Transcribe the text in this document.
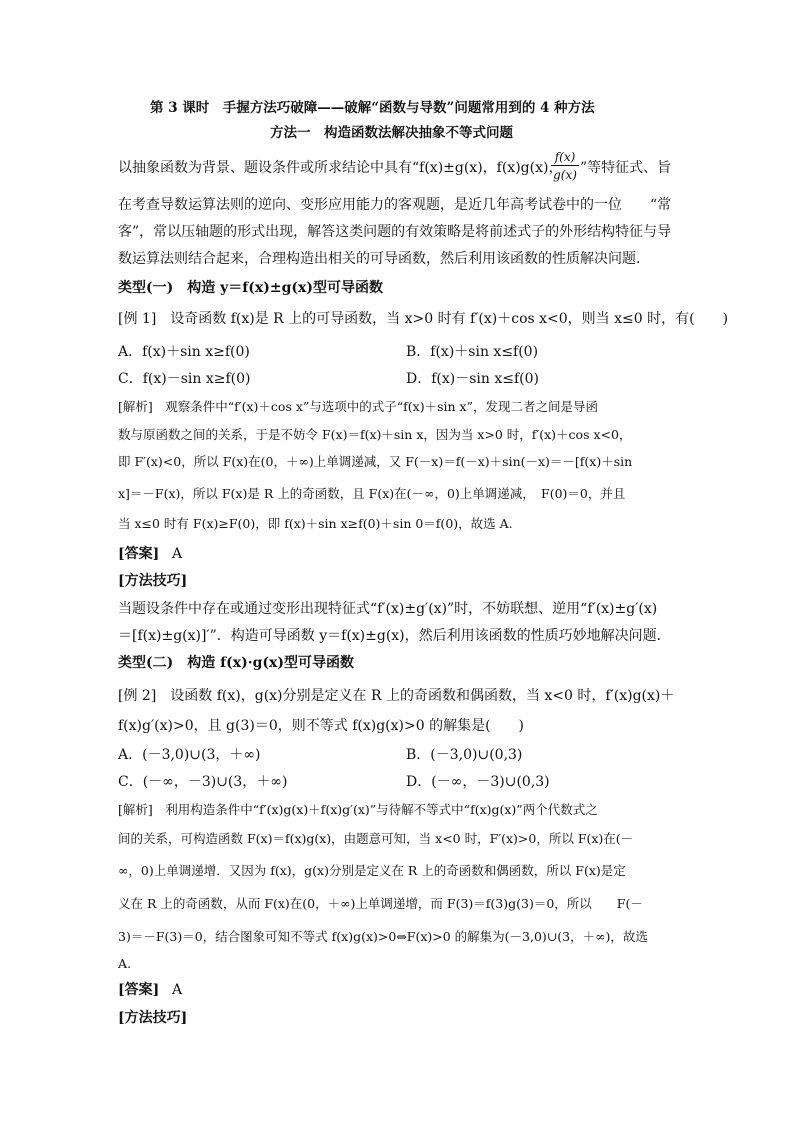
第 3 课时　手握方法巧破障——破解“函数与导数”问题常用到的 4 种方法
方法一　构造函数法解决抽象不等式问题
以抽象函数为背景、题设条件或所求结论中具有“f(x)±g(x)，f(x)g(x)，
$\frac{f(x)}{g(x)}$ ”等特征式、旨
在考查导数运算法则的逆向、变形应用能力的客观题，是近几年高考试卷中的一位　　“常
客”，常以压轴题的形式出现，解答这类问题的有效策略是将前述式子的外形结构特征与导
数运算法则结合起来，合理构造出相关的可导函数，然后利用该函数的性质解决问题．
类型(一)　构造 y＝f(x)±g(x)型可导函数
[例 1]　设奇函数 f(x)是 R 上的可导函数，当 x>0 时有 f′(x)＋cos x<0，则当 x≤0 时，有(　　)
A．f(x)＋sin x≥f(0)	B．f(x)＋sin x≤f(0)
C．f(x)－sin x≥f(0)	D．f(x)－sin x≤f(0)
[解析]　观察条件中“f′(x)＋cos x”与选项中的式子“f(x)＋sin x”，发现二者之间是导函
数与原函数之间的关系，于是不妨令 F(x)＝f(x)＋sin x，因为当 x>0 时，f′(x)＋cos x<0，
即 F′(x)<0，所以 F(x)在(0，＋∞)上单调递减，又 F(－x)＝f(－x)＋sin(－x)＝－[f(x)＋sin
x]＝－F(x)，所以 F(x)是 R 上的奇函数，且 F(x)在(－∞，0)上单调递减，　F(0)＝0，并且
当 x≤0 时有 F(x)≥F(0)，即 f(x)＋sin x≥f(0)＋sin 0＝f(0)，故选 A.
[答案] A
[方法技巧]
当题设条件中存在或通过变形出现特征式“f′(x)±g′(x)”时，不妨联想、逆用“f′(x)±g′(x)
＝[f(x)±g(x)]′”．构造可导函数 y＝f(x)±g(x)，然后利用该函数的性质巧妙地解决问题．
类型(二)　构造 f(x)·g(x)型可导函数
[例 2]　设函数 f(x)，g(x)分别是定义在 R 上的奇函数和偶函数，当 x<0 时，f′(x)g(x)＋
f(x)g′(x)>0，且 g(3)＝0，则不等式 f(x)g(x)>0 的解集是(　　)
A．(－3,0)∪(3，＋∞)	B．(－3,0)∪(0,3)
C．(－∞，－3)∪(3，＋∞)	D．(－∞，－3)∪(0,3)
[解析]　利用构造条件中“f′(x)g(x)＋f(x)g′(x)”与待解不等式中“f(x)g(x)”两个代数式之
间的关系，可构造函数 F(x)＝f(x)g(x)，由题意可知，当 x<0 时，F′(x)>0，所以 F(x)在(－
∞，0)上单调递增．又因为 f(x)，g(x)分别是定义在 R 上的奇函数和偶函数，所以 F(x)是定
义在 R 上的奇函数，从而 F(x)在(0，＋∞)上单调递增，而 F(3)＝f(3)g(3)＝0，所以　　F(－
3)＝－F(3)＝0，结合图象可知不等式 f(x)g(x)>0⇔F(x)>0 的解集为(－3,0)∪(3，＋∞)，故选
A.
[答案] A
[方法技巧]
